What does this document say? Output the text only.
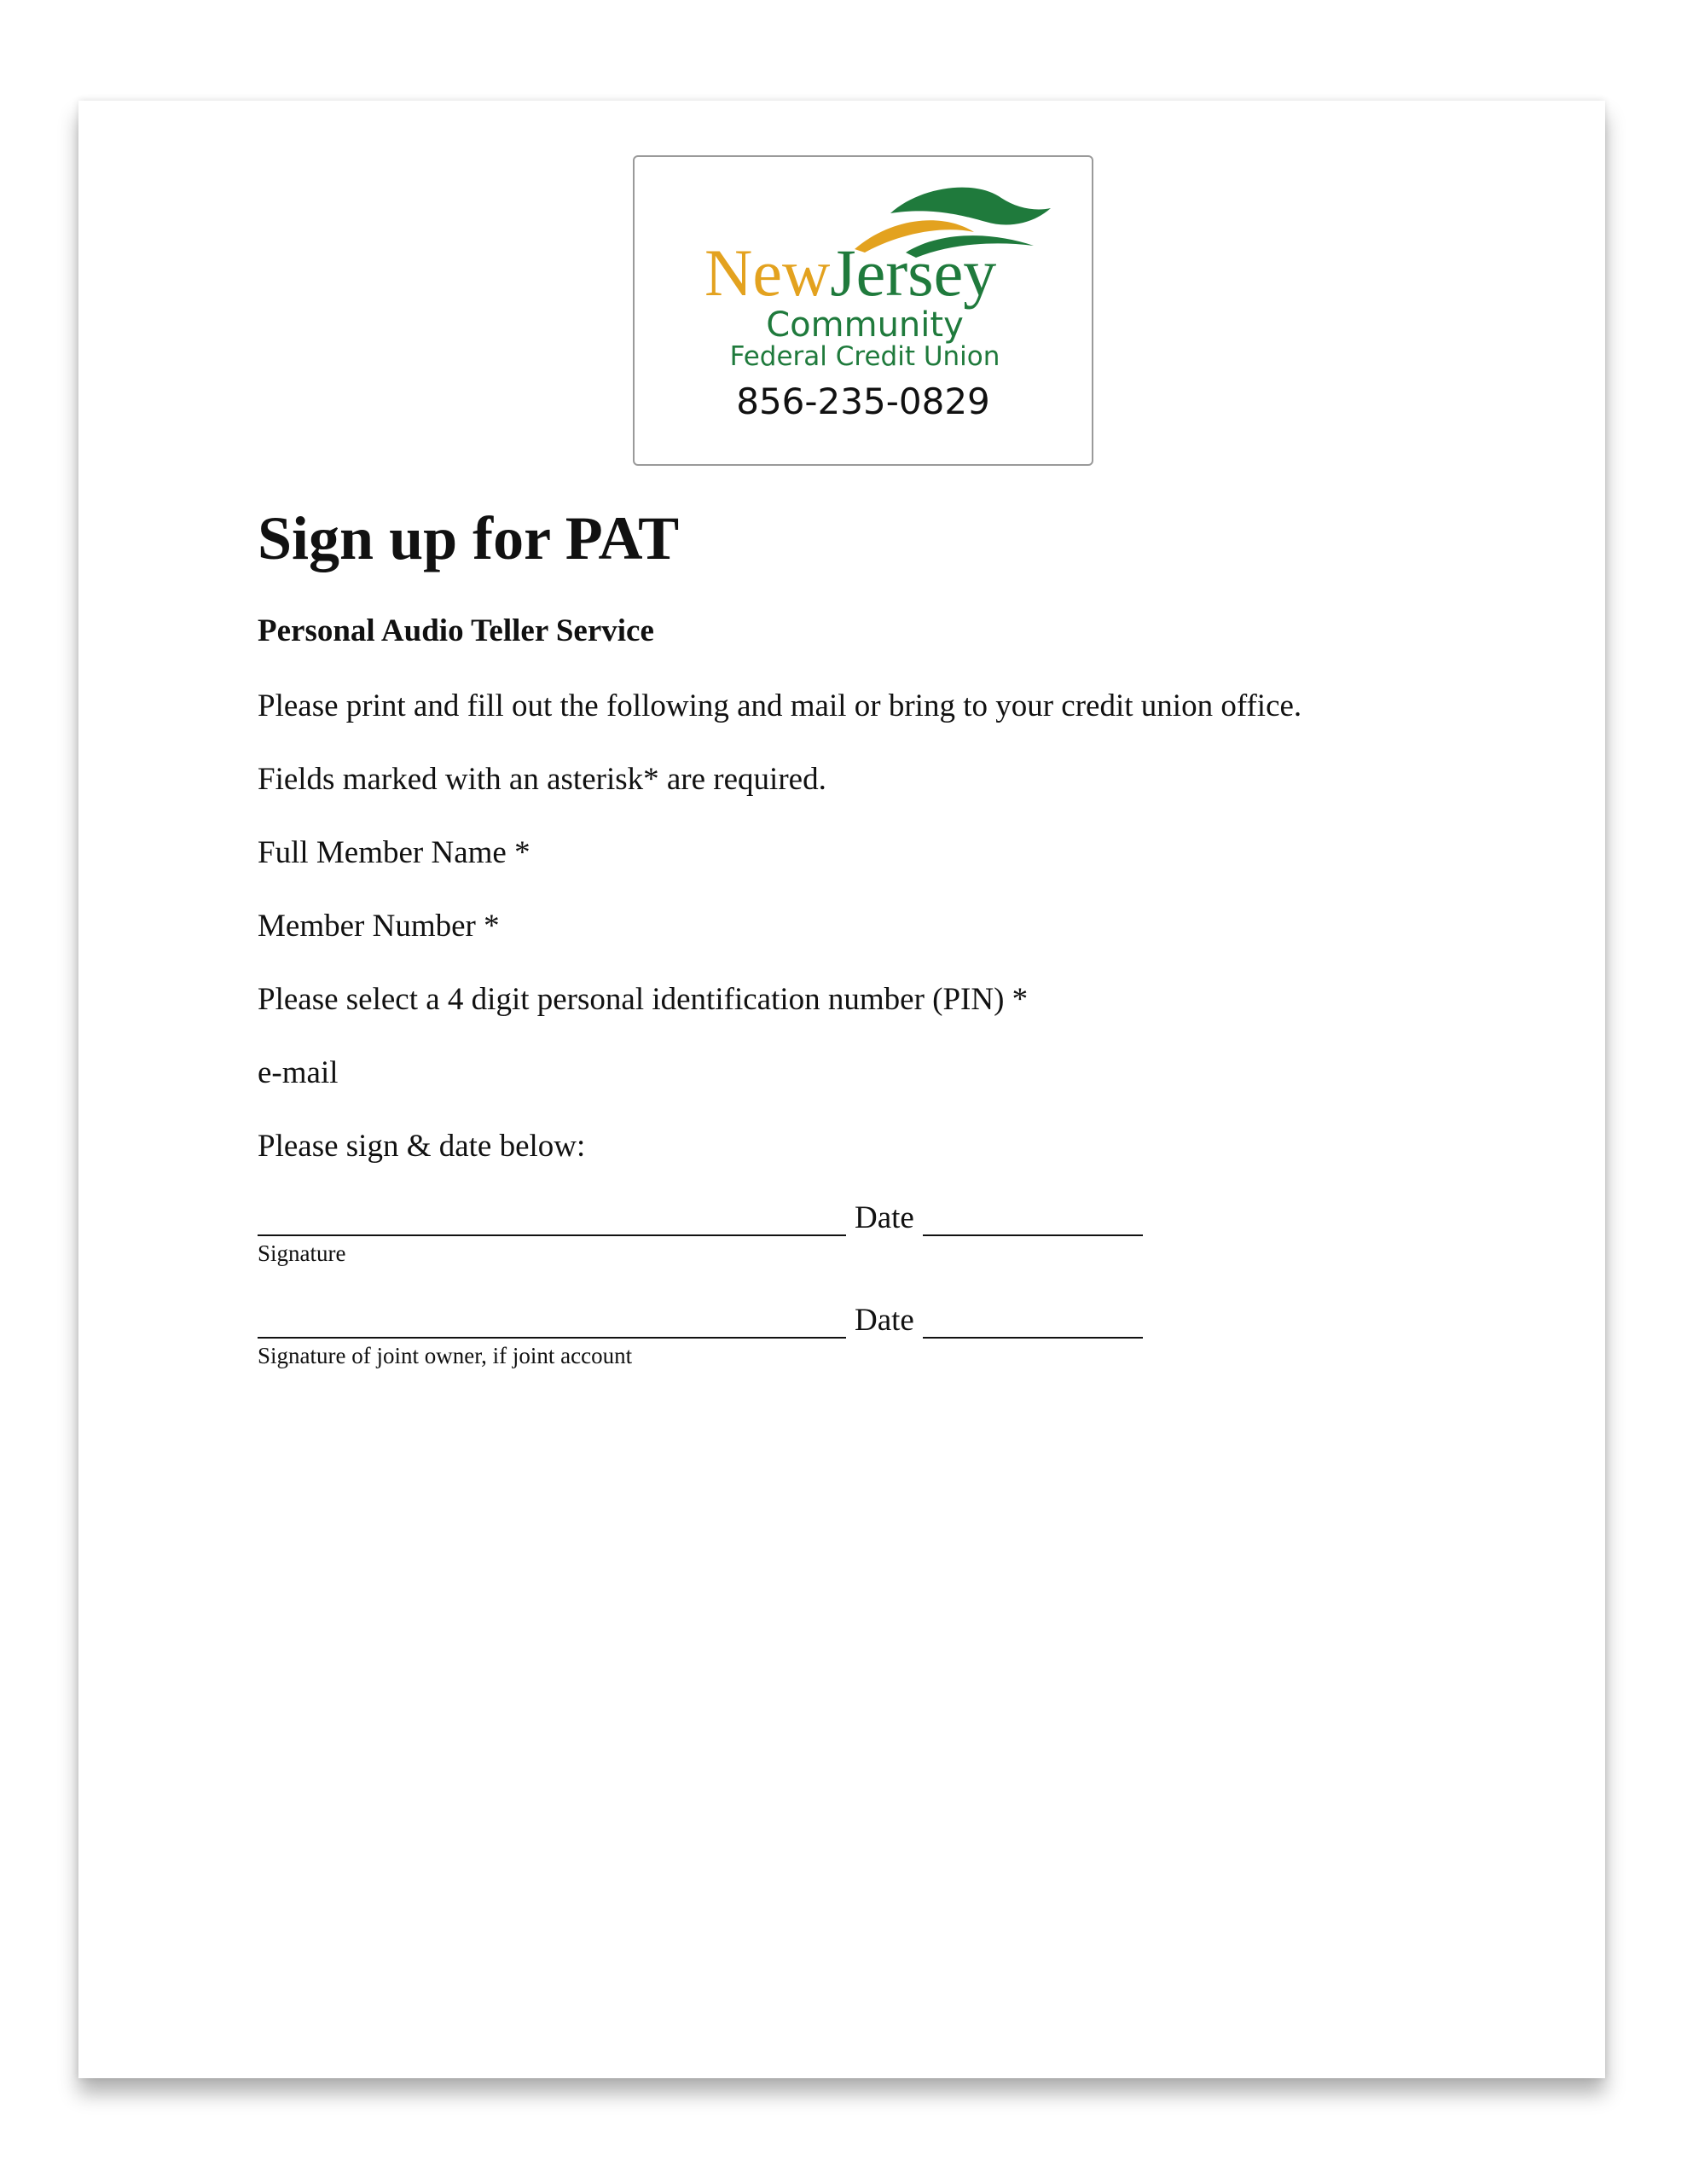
NewJersey
Community
Federal Credit Union
856-235-0829
Sign up for PAT
Personal Audio Teller Service
Please print and fill out the following and mail or bring to your credit union office.
Fields marked with an asterisk* are required.
Full Member Name *
Member Number *
Please select a 4 digit personal identification number (PIN) *
e-mail
Please sign & date below:
Date
Signature
Date
Signature of joint owner, if joint account
